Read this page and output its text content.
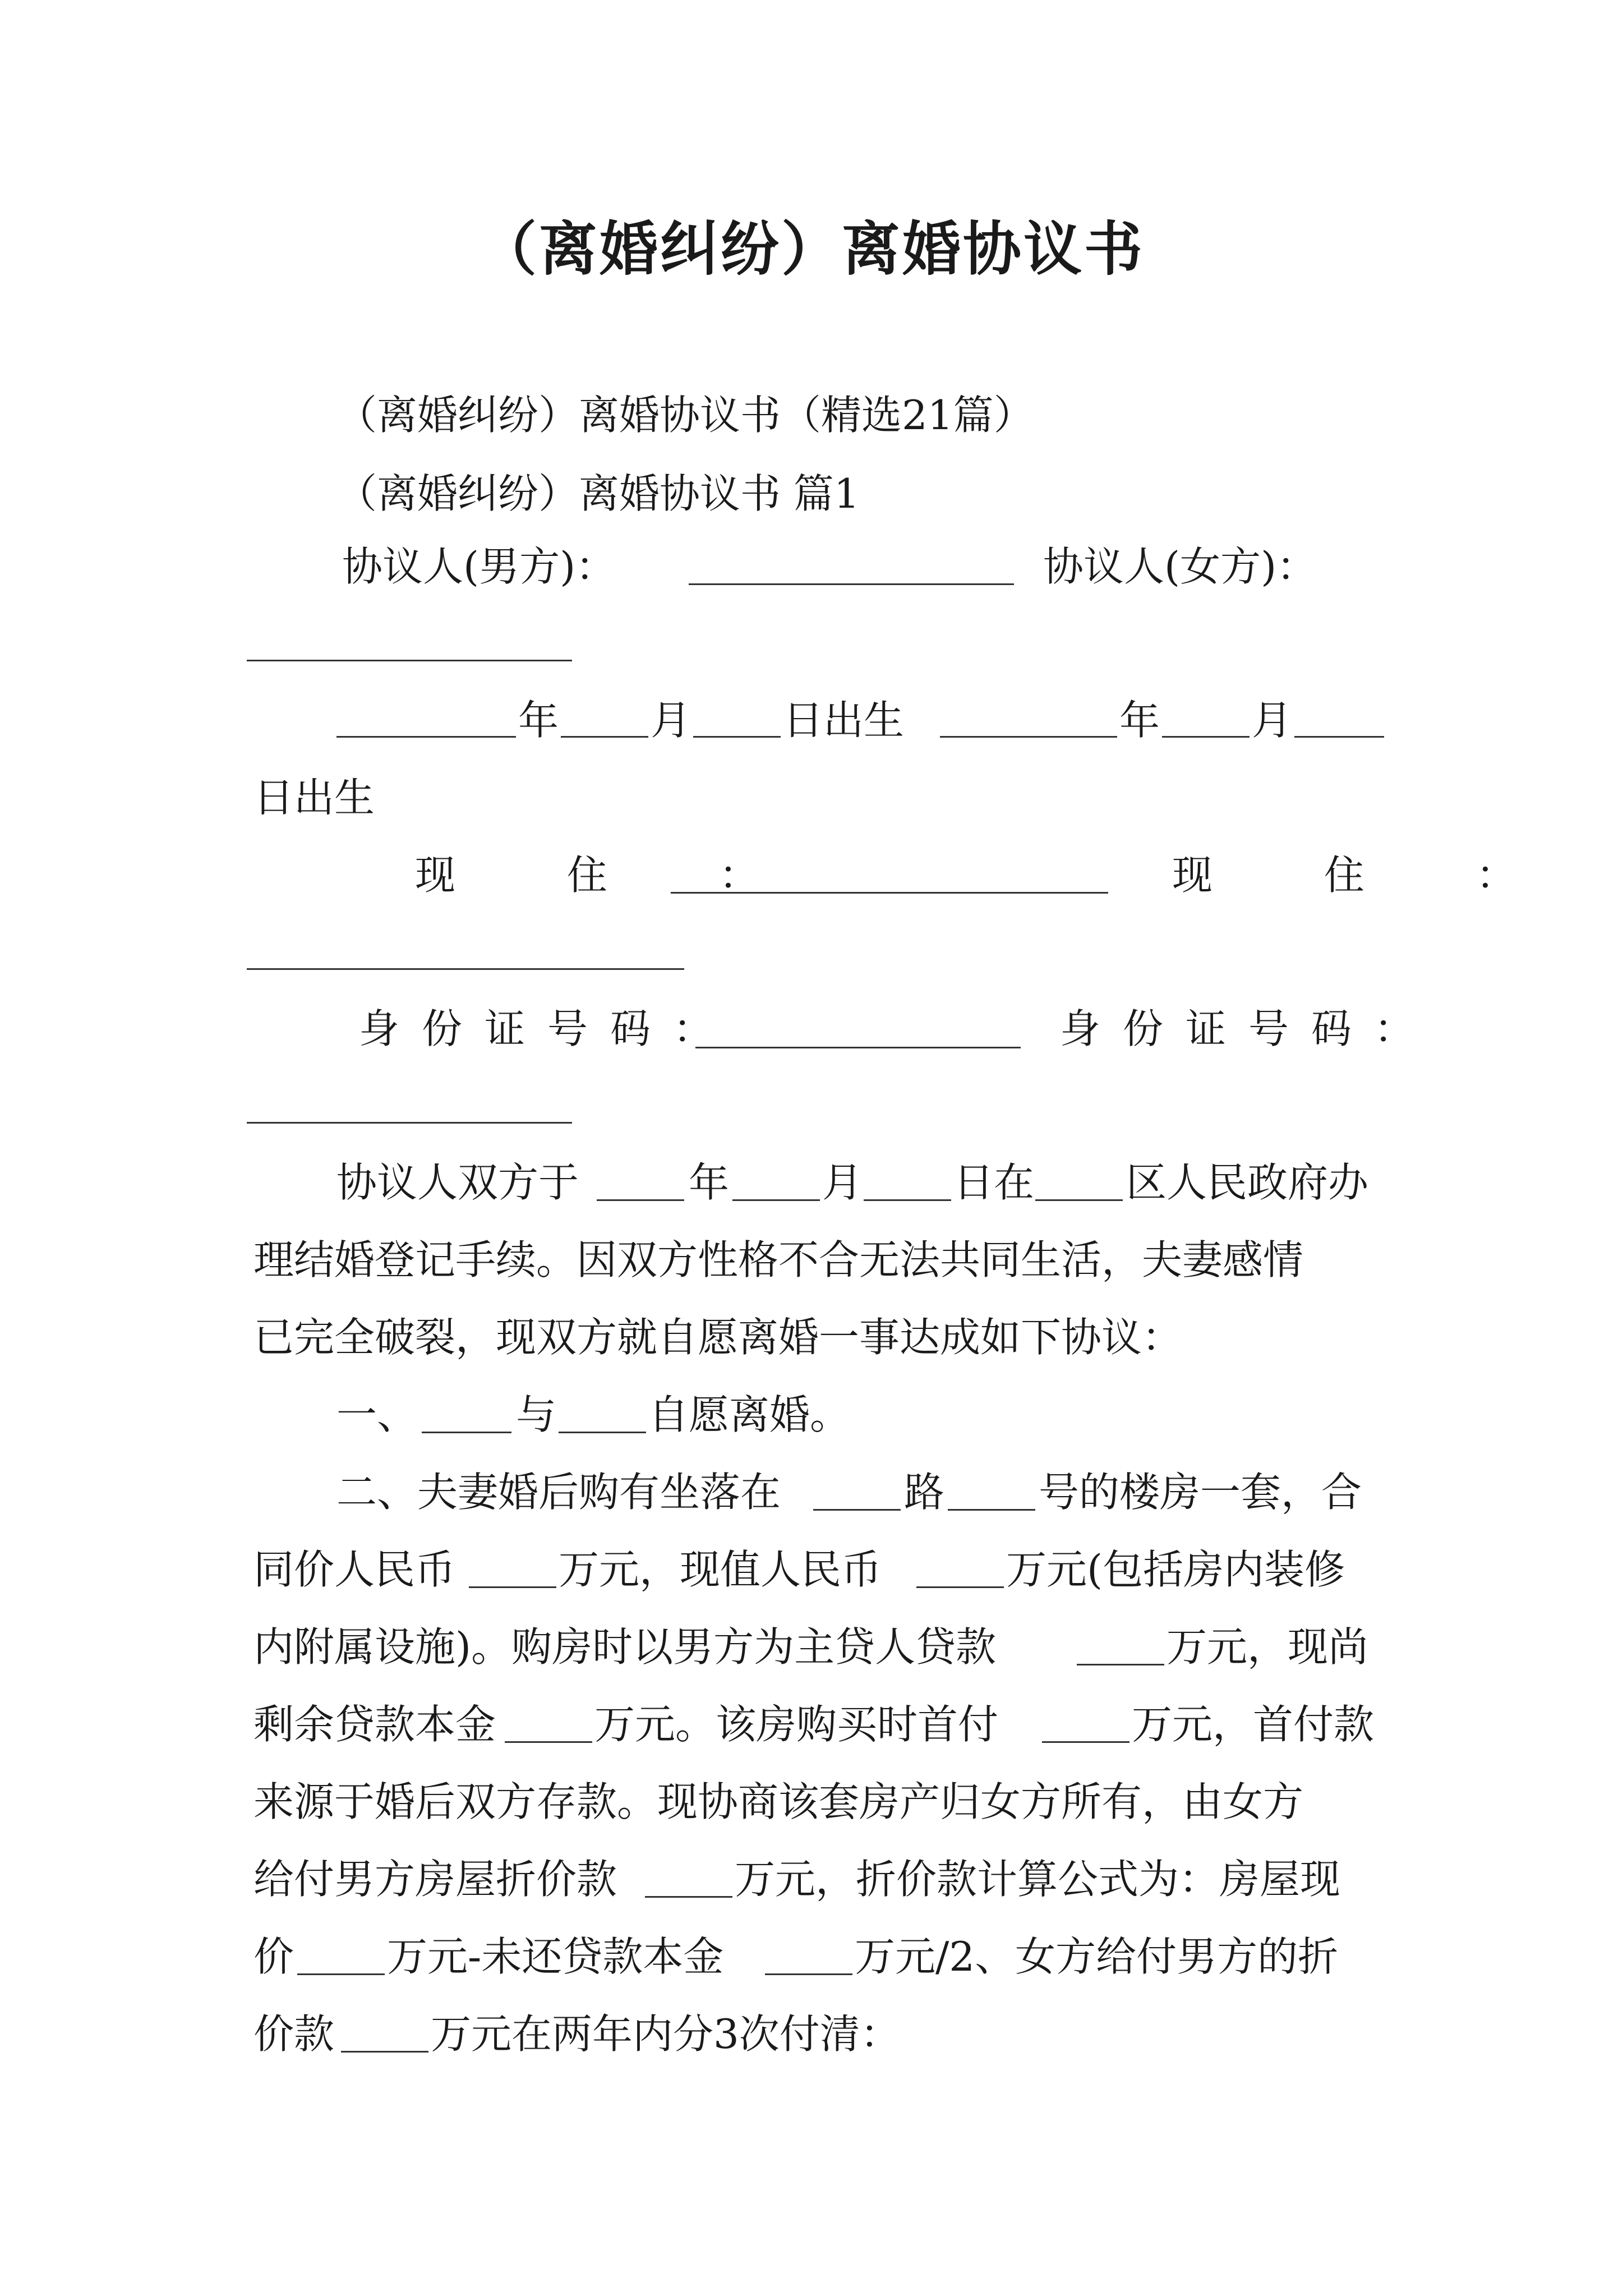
（离婚纠纷）离婚协议书
（离婚纠纷）离婚协议书（精选21篇）
（离婚纠纷）离婚协议书 篇1
协议人(男方)：	协议人(女方)：
年 月 日出生	年 月
日出生
现 住 ：	现 住 ：
身份证号码：	身份证号码：
协议人双方于	年 月 日在 区人民政府办
理结婚登记手续。因双方性格不合无法共同生活，夫妻感情
已完全破裂，现双方就自愿离婚一事达成如下协议：
一、 与 自愿离婚。
二、夫妻婚后购有坐落在	路 号的楼房一套，合
同价人民币	万元，现值人民币	万元(包括房内装修
内附属设施)。购房时以男方为主贷人贷款	万元，现尚
剩余贷款本金 万元。该房购买时首付	万元，首付款
来源于婚后双方存款。现协商该套房产归女方所有，由女方
给付男方房屋折价款	万元，折价款计算公式为：房屋现
价 万元-未还贷款本金	万元/2、女方给付男方的折
价款 万元在两年内分3次付清：
